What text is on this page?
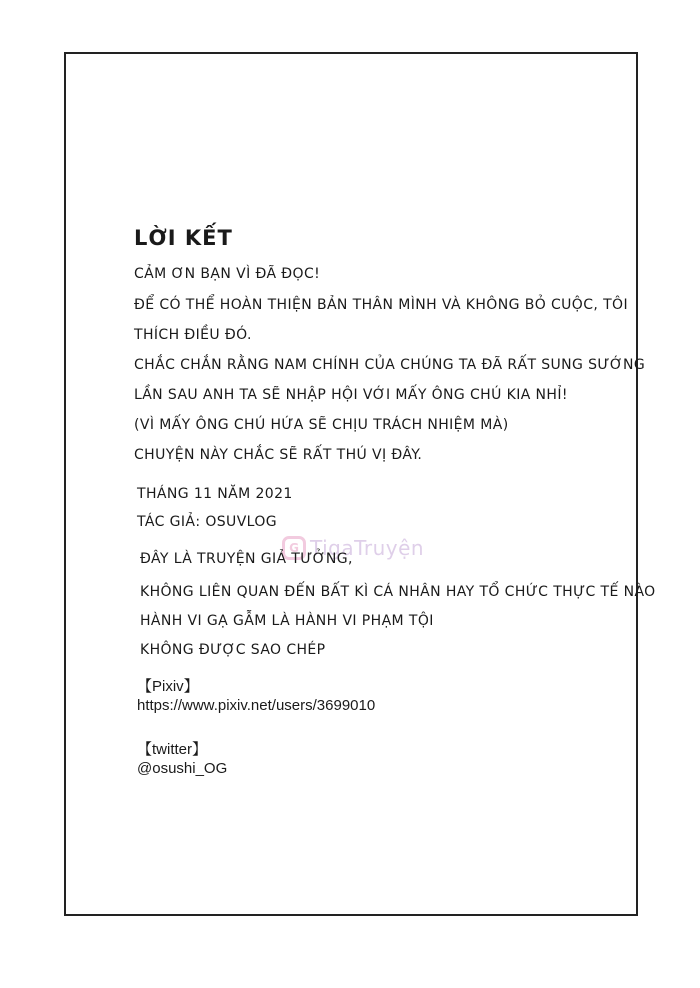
LỜI KẾT
CẢM ƠN BẠN VÌ ĐÃ ĐỌC!
ĐỂ CÓ THỂ HOÀN THIỆN BẢN THÂN MÌNH VÀ KHÔNG BỎ CUỘC, TÔI
THÍCH ĐIỀU ĐÓ.
CHẮC CHẮN RẰNG NAM CHÍNH CỦA CHÚNG TA ĐÃ RẤT SUNG SƯỚNG
LẦN SAU ANH TA SẼ NHẬP HỘI VỚI MẤY ÔNG CHÚ KIA NHỈ!
(VÌ MẤY ÔNG CHÚ HỨA SẼ CHỊU TRÁCH NHIỆM MÀ)
CHUYỆN NÀY CHẮC SẼ RẤT THÚ VỊ ĐÂY.
THÁNG 11 NĂM 2021
TÁC GIẢ: OSUVLOG
G TigaTruyện
ĐÂY LÀ TRUYỆN GIẢ TƯỞNG,
KHÔNG LIÊN QUAN ĐẾN BẤT KÌ CÁ NHÂN HAY TỔ CHỨC THỰC TẾ NÀO
HÀNH VI GẠ GẪM LÀ HÀNH VI PHẠM TỘI
KHÔNG ĐƯỢC SAO CHÉP
【Pixiv】
https://www.pixiv.net/users/3699010
【twitter】
@osushi_OG
